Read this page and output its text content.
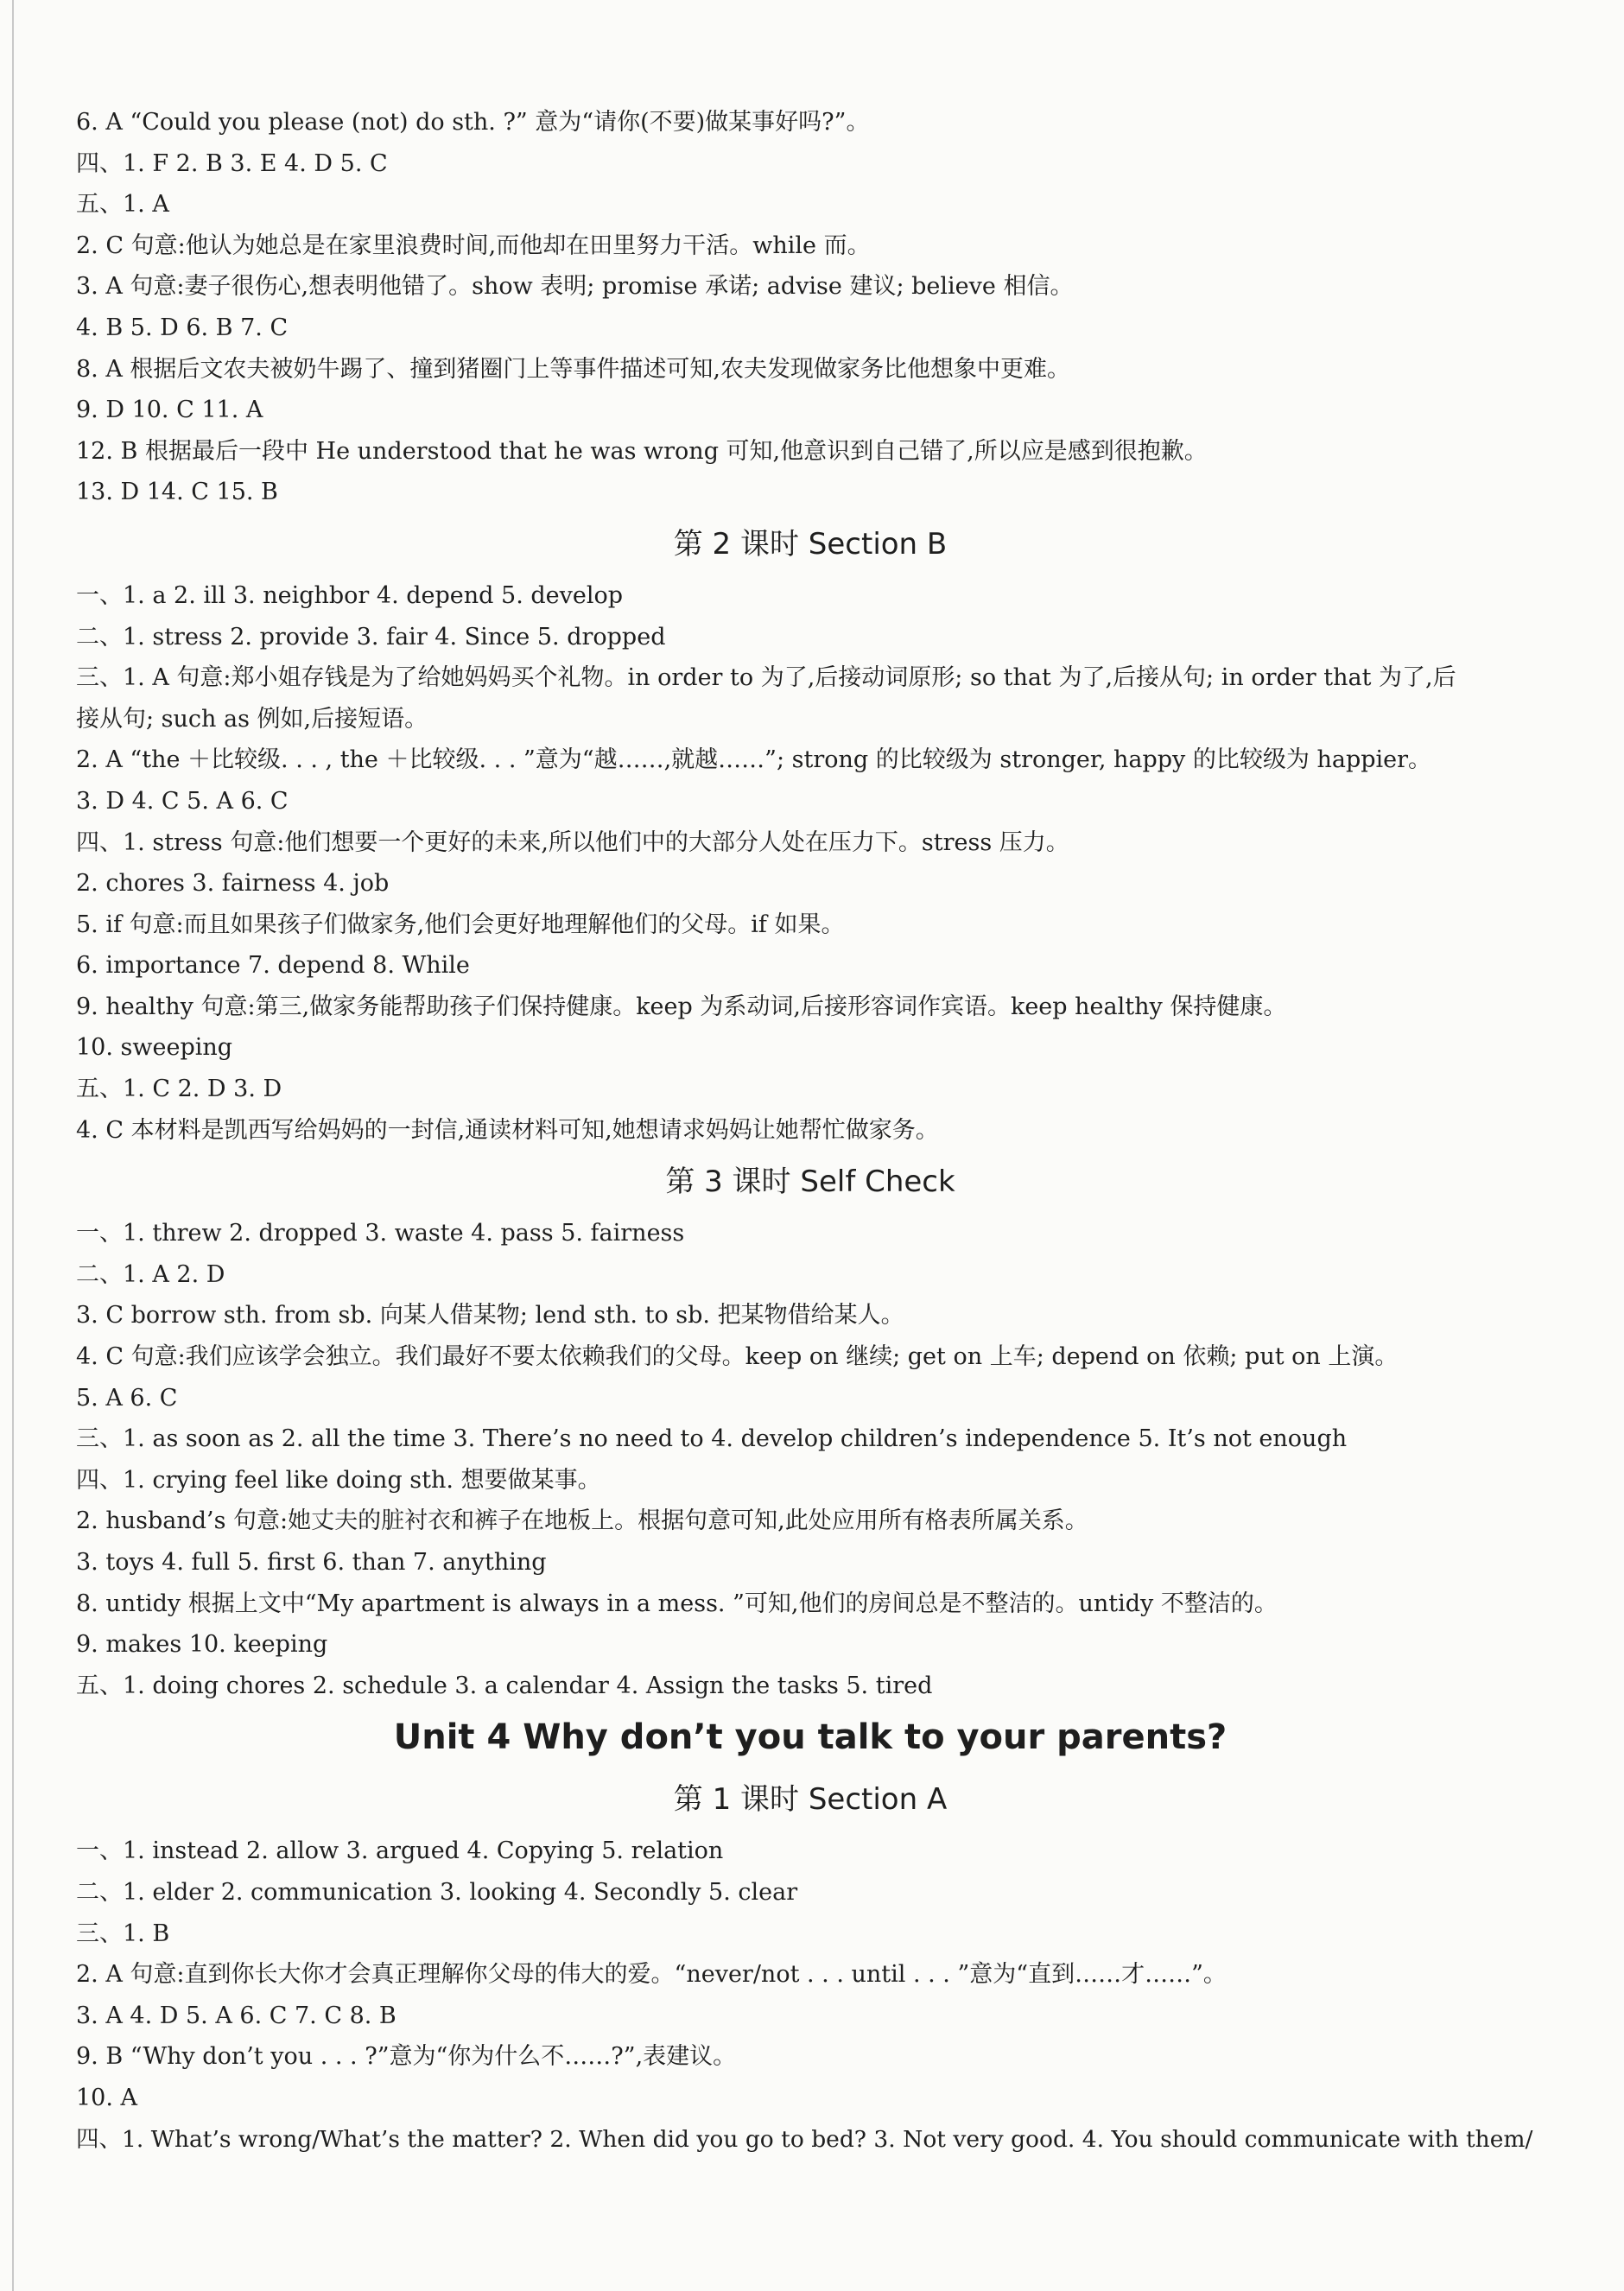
6. A “Could you please (not) do sth. ?” 意为“请你(不要)做某事好吗?”。
四、1. F 2. B 3. E 4. D 5. C
五、1. A
2. C 句意:他认为她总是在家里浪费时间,而他却在田里努力干活。while 而。
3. A 句意:妻子很伤心,想表明他错了。show 表明; promise 承诺; advise 建议; believe 相信。
4. B 5. D 6. B 7. C
8. A 根据后文农夫被奶牛踢了、撞到猪圈门上等事件描述可知,农夫发现做家务比他想象中更难。
9. D 10. C 11. A
12. B 根据最后一段中 He understood that he was wrong 可知,他意识到自己错了,所以应是感到很抱歉。
13. D 14. C 15. B
第 2 课时 Section B
一、1. a 2. ill 3. neighbor 4. depend 5. develop
二、1. stress 2. provide 3. fair 4. Since 5. dropped
三、1. A 句意:郑小姐存钱是为了给她妈妈买个礼物。in order to 为了,后接动词原形; so that 为了,后接从句; in order that 为了,后
接从句; such as 例如,后接短语。
2. A “the ＋比较级. . . , the ＋比较级. . . ”意为“越……,就越……”; strong 的比较级为 stronger, happy 的比较级为 happier。
3. D 4. C 5. A 6. C
四、1. stress 句意:他们想要一个更好的未来,所以他们中的大部分人处在压力下。stress 压力。
2. chores 3. fairness 4. job
5. if 句意:而且如果孩子们做家务,他们会更好地理解他们的父母。if 如果。
6. importance 7. depend 8. While
9. healthy 句意:第三,做家务能帮助孩子们保持健康。keep 为系动词,后接形容词作宾语。keep healthy 保持健康。
10. sweeping
五、1. C 2. D 3. D
4. C 本材料是凯西写给妈妈的一封信,通读材料可知,她想请求妈妈让她帮忙做家务。
第 3 课时 Self Check
一、1. threw 2. dropped 3. waste 4. pass 5. fairness
二、1. A 2. D
3. C borrow sth. from sb. 向某人借某物; lend sth. to sb. 把某物借给某人。
4. C 句意:我们应该学会独立。我们最好不要太依赖我们的父母。keep on 继续; get on 上车; depend on 依赖; put on 上演。
5. A 6. C
三、1. as soon as 2. all the time 3. There’s no need to 4. develop children’s independence 5. It’s not enough
四、1. crying feel like doing sth. 想要做某事。
2. husband’s 句意:她丈夫的脏衬衣和裤子在地板上。根据句意可知,此处应用所有格表所属关系。
3. toys 4. full 5. first 6. than 7. anything
8. untidy 根据上文中“My apartment is always in a mess. ”可知,他们的房间总是不整洁的。untidy 不整洁的。
9. makes 10. keeping
五、1. doing chores 2. schedule 3. a calendar 4. Assign the tasks 5. tired
Unit 4 Why don’t you talk to your parents?
第 1 课时 Section A
一、1. instead 2. allow 3. argued 4. Copying 5. relation
二、1. elder 2. communication 3. looking 4. Secondly 5. clear
三、1. B
2. A 句意:直到你长大你才会真正理解你父母的伟大的爱。“never/not . . . until . . . ”意为“直到……才……”。
3. A 4. D 5. A 6. C 7. C 8. B
9. B “Why don’t you . . . ?”意为“你为什么不……?”,表建议。
10. A
四、1. What’s wrong/What’s the matter? 2. When did you go to bed? 3. Not very good. 4. You should communicate with them/
